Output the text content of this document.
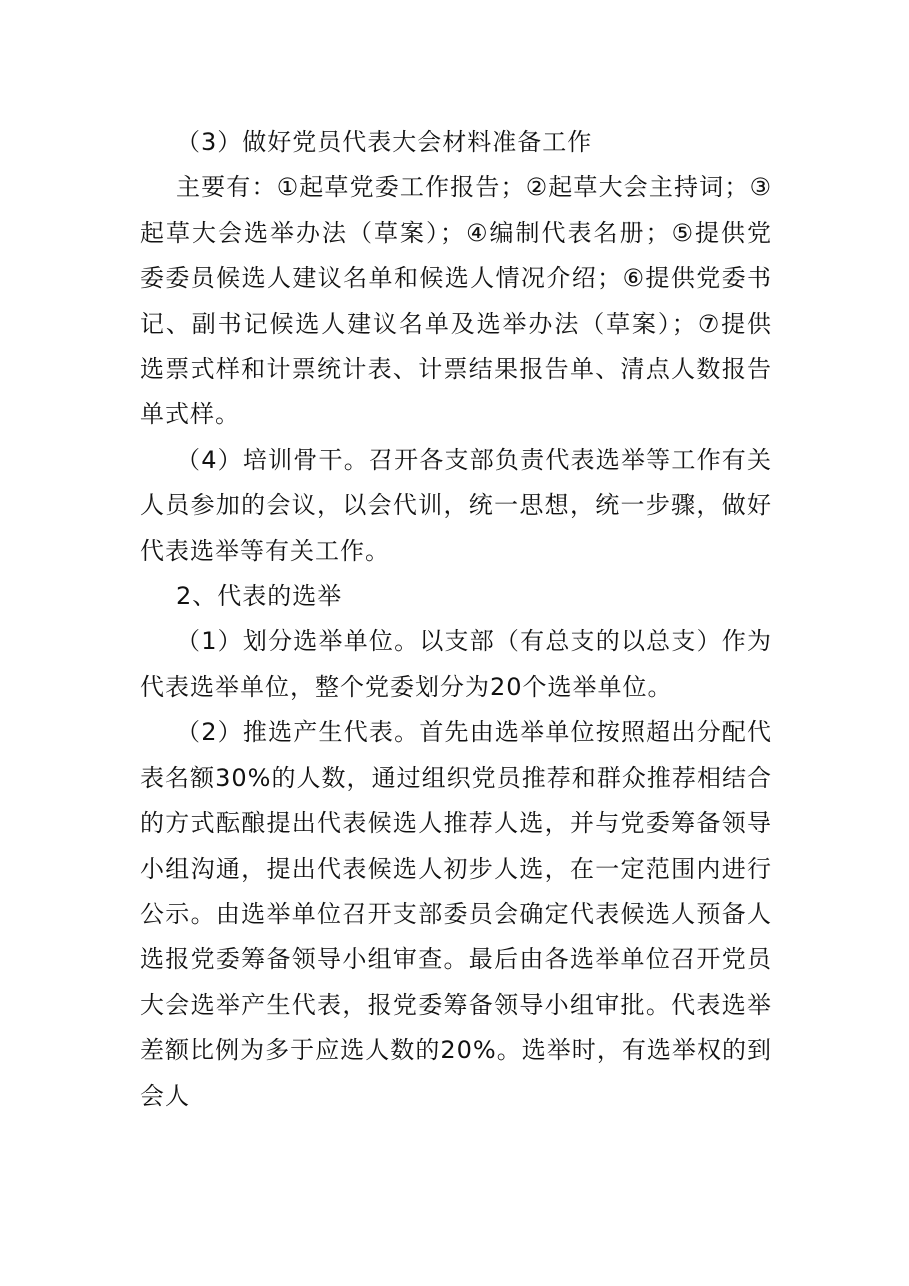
（3）做好党员代表大会材料准备工作

主要有：①起草党委工作报告；②起草大会主持词；③起草大会选举办法（草案）；④编制代表名册；⑤提供党委委员候选人建议名单和候选人情况介绍；⑥提供党委书记、副书记候选人建议名单及选举办法（草案）；⑦提供选票式样和计票统计表、计票结果报告单、清点人数报告单式样。

（4）培训骨干。召开各支部负责代表选举等工作有关人员参加的会议，以会代训，统一思想，统一步骤，做好代表选举等有关工作。

2、代表的选举

（1）划分选举单位。以支部（有总支的以总支）作为代表选举单位，整个党委划分为20个选举单位。

（2）推选产生代表。首先由选举单位按照超出分配代表名额30%的人数，通过组织党员推荐和群众推荐相结合的方式酝酿提出代表候选人推荐人选，并与党委筹备领导小组沟通，提出代表候选人初步人选，在一定范围内进行公示。由选举单位召开支部委员会确定代表候选人预备人选报党委筹备领导小组审查。最后由各选举单位召开党员大会选举产生代表，报党委筹备领导小组审批。代表选举差额比例为多于应选人数的20%。选举时，有选举权的到会人
